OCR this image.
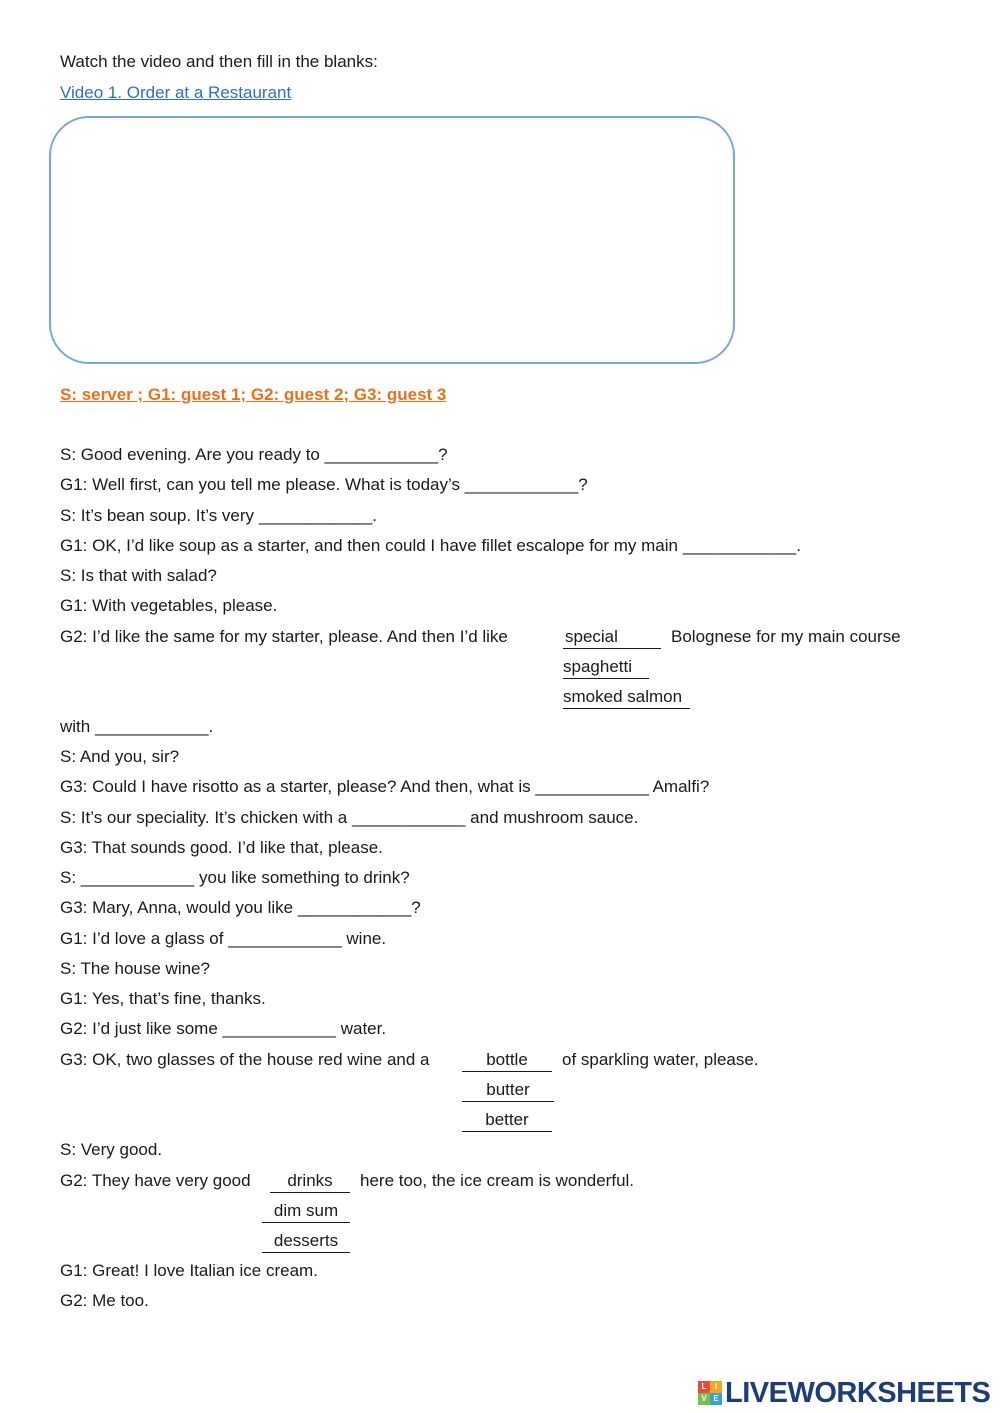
Watch the video and then fill in the blanks:
Video 1. Order at a Restaurant
S: server ; G1: guest 1; G2: guest 2; G3: guest 3
S: Good evening. Are you ready to ____________?
G1: Well first, can you tell me please. What is today’s ____________?
S: It’s bean soup. It’s very ____________.
G1: OK, I’d like soup as a starter, and then could I have fillet escalope for my main ____________.
S: Is that with salad?
G1: With vegetables, please.
G2: I’d like the same for my starter, please. And then I’d like	special	Bolognese for my main course
spaghetti
smoked salmon
with ____________.
S: And you, sir?
G3: Could I have risotto as a starter, please? And then, what is ____________ Amalfi?
S: It’s our speciality. It’s chicken with a ____________ and mushroom sauce.
G3: That sounds good. I’d like that, please.
S: ____________ you like something to drink?
G3: Mary, Anna, would you like ____________?
G1: I’d love a glass of ____________ wine.
S: The house wine?
G1: Yes, that’s fine, thanks.
G2: I’d just like some ____________ water.
G3: OK, two glasses of the house red wine and a	bottle	of sparkling water, please.
butter
better
S: Very good.
G2: They have very good	drinks	here too, the ice cream is wonderful.
dim sum
desserts
G1: Great! I love Italian ice cream.
G2: Me too.
L	I
V E LIVEWORKSHEETS
